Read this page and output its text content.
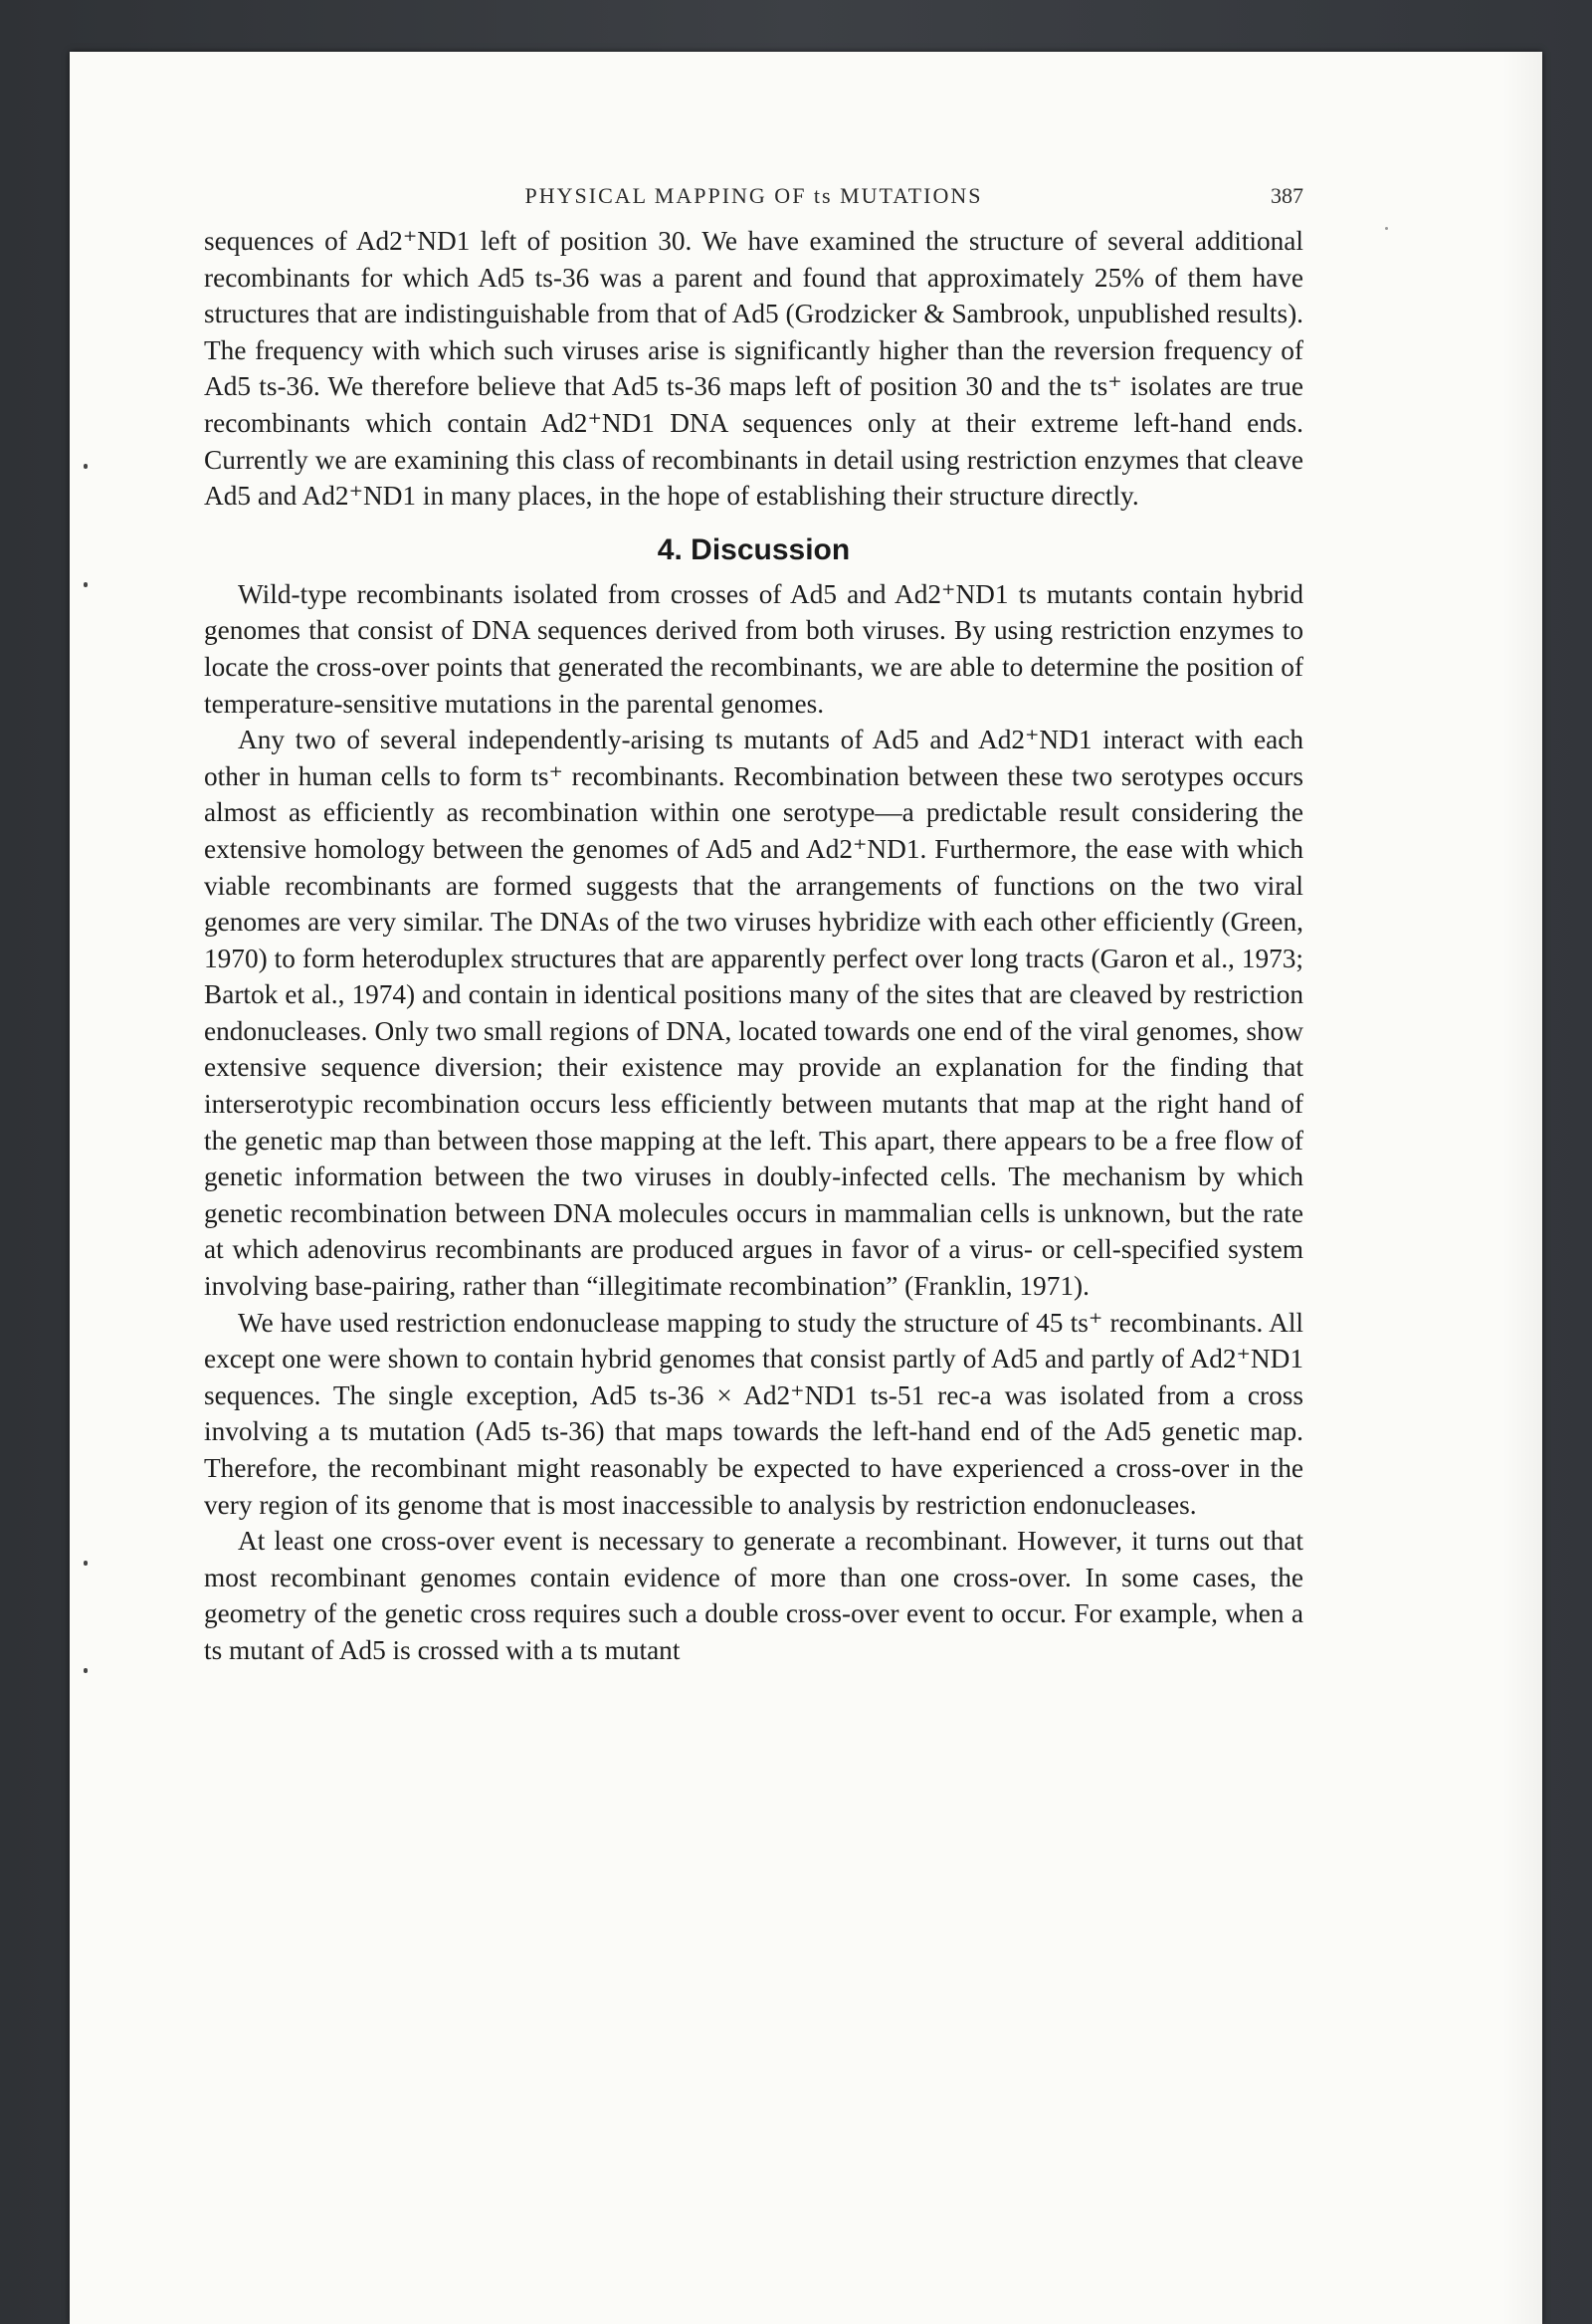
PHYSICAL MAPPING OF ts MUTATIONS	387

sequences of Ad2⁺ND1 left of position 30. We have examined the structure of several additional recombinants for which Ad5 ts-36 was a parent and found that approximately 25% of them have structures that are indistinguishable from that of Ad5 (Grodzicker & Sambrook, unpublished results). The frequency with which such viruses arise is significantly higher than the reversion frequency of Ad5 ts-36. We therefore believe that Ad5 ts-36 maps left of position 30 and the ts⁺ isolates are true recombinants which contain Ad2⁺ND1 DNA sequences only at their extreme left-hand ends. Currently we are examining this class of recombinants in detail using restriction enzymes that cleave Ad5 and Ad2⁺ND1 in many places, in the hope of establishing their structure directly.

4. Discussion

Wild-type recombinants isolated from crosses of Ad5 and Ad2⁺ND1 ts mutants contain hybrid genomes that consist of DNA sequences derived from both viruses. By using restriction enzymes to locate the cross-over points that generated the recombinants, we are able to determine the position of temperature-sensitive mutations in the parental genomes.

Any two of several independently-arising ts mutants of Ad5 and Ad2⁺ND1 interact with each other in human cells to form ts⁺ recombinants. Recombination between these two serotypes occurs almost as efficiently as recombination within one serotype—a predictable result considering the extensive homology between the genomes of Ad5 and Ad2⁺ND1. Furthermore, the ease with which viable recombinants are formed suggests that the arrangements of functions on the two viral genomes are very similar. The DNAs of the two viruses hybridize with each other efficiently (Green, 1970) to form heteroduplex structures that are apparently perfect over long tracts (Garon et al., 1973; Bartok et al., 1974) and contain in identical positions many of the sites that are cleaved by restriction endonucleases. Only two small regions of DNA, located towards one end of the viral genomes, show extensive sequence diversion; their existence may provide an explanation for the finding that interserotypic recombination occurs less efficiently between mutants that map at the right hand of the genetic map than between those mapping at the left. This apart, there appears to be a free flow of genetic information between the two viruses in doubly-infected cells. The mechanism by which genetic recombination between DNA molecules occurs in mammalian cells is unknown, but the rate at which adenovirus recombinants are produced argues in favor of a virus- or cell-specified system involving base-pairing, rather than “illegitimate recombination” (Franklin, 1971).

We have used restriction endonuclease mapping to study the structure of 45 ts⁺ recombinants. All except one were shown to contain hybrid genomes that consist partly of Ad5 and partly of Ad2⁺ND1 sequences. The single exception, Ad5 ts-36 × Ad2⁺ND1 ts-51 rec-a was isolated from a cross involving a ts mutation (Ad5 ts-36) that maps towards the left-hand end of the Ad5 genetic map. Therefore, the recombinant might reasonably be expected to have experienced a cross-over in the very region of its genome that is most inaccessible to analysis by restriction endonucleases.

At least one cross-over event is necessary to generate a recombinant. However, it turns out that most recombinant genomes contain evidence of more than one cross-over. In some cases, the geometry of the genetic cross requires such a double cross-over event to occur. For example, when a ts mutant of Ad5 is crossed with a ts mutant
